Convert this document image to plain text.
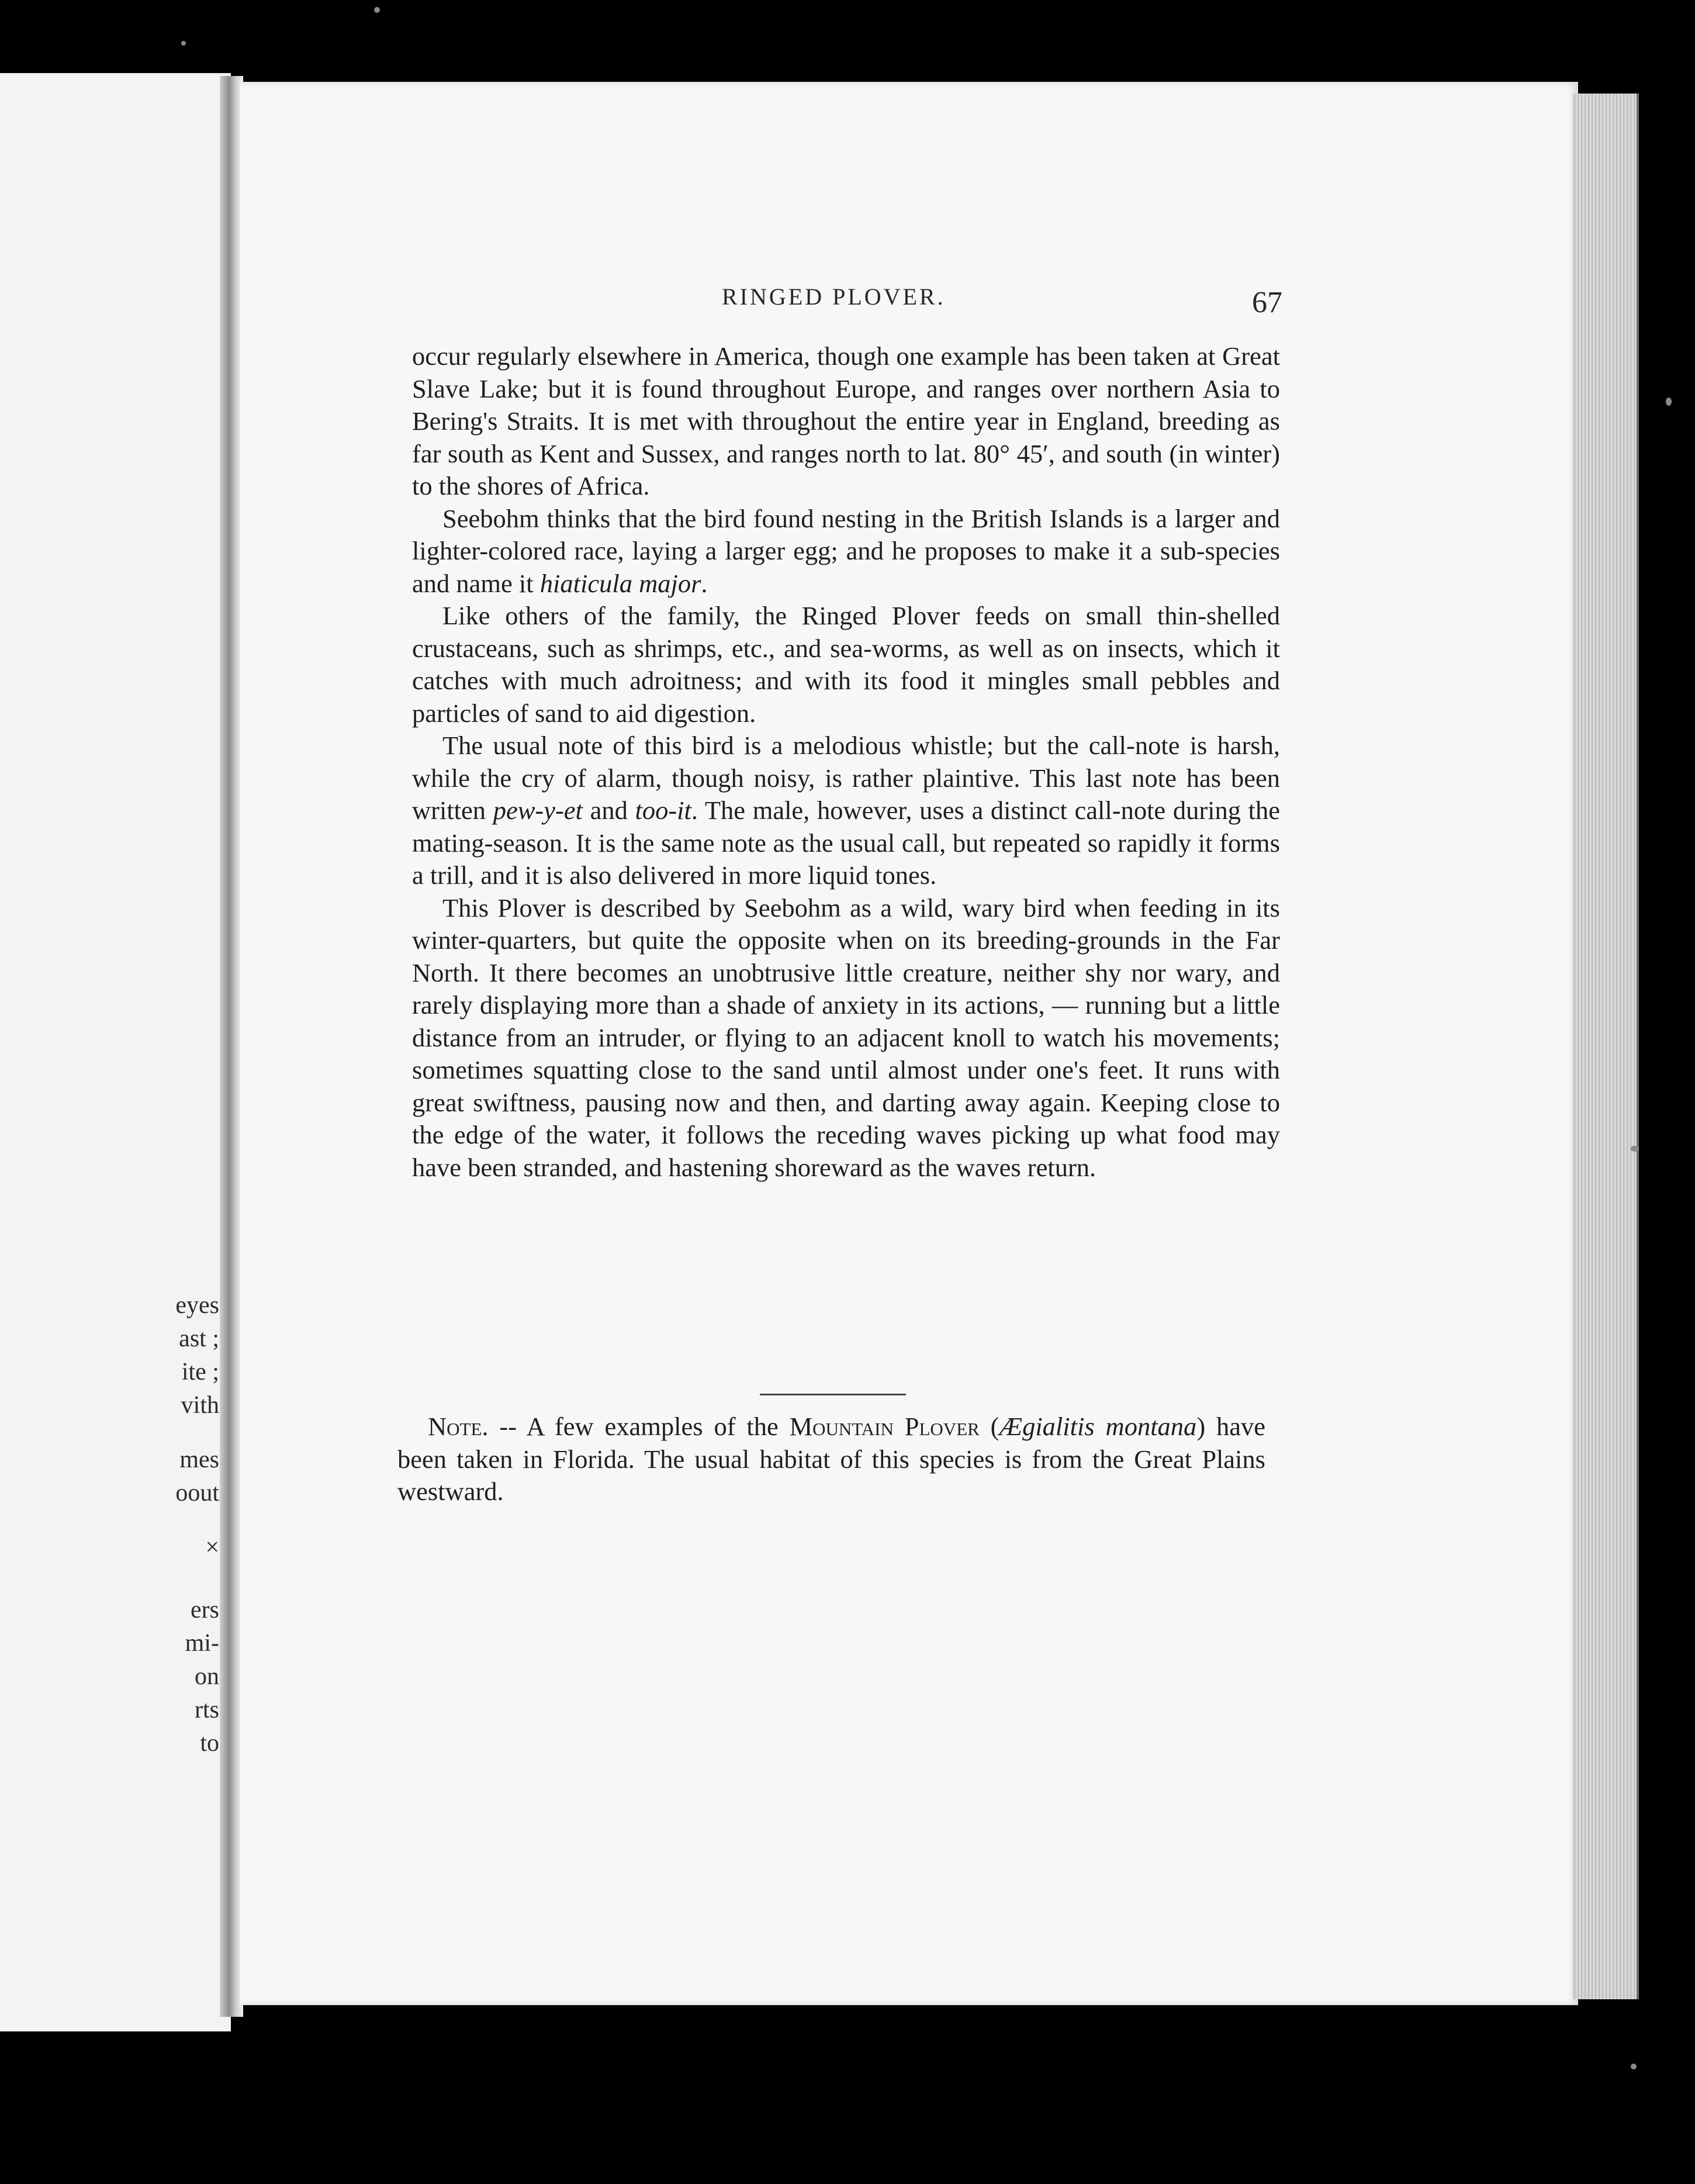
eyes
ast ;
ite ;
vith
mes
oout
×
ers
mi-
on
rts
to
RINGED PLOVER.	67

occur regularly elsewhere in America, though one example has been taken at Great Slave Lake; but it is found throughout Europe, and ranges over northern Asia to Bering's Straits. It is met with throughout the entire year in England, breeding as far south as Kent and Sussex, and ranges north to lat. 80° 45′, and south (in winter) to the shores of Africa.

Seebohm thinks that the bird found nesting in the British Islands is a larger and lighter-colored race, laying a larger egg; and he proposes to make it a sub-species and name it hiaticula major.

Like others of the family, the Ringed Plover feeds on small thin-shelled crustaceans, such as shrimps, etc., and sea-worms, as well as on insects, which it catches with much adroitness; and with its food it mingles small pebbles and particles of sand to aid digestion.

The usual note of this bird is a melodious whistle; but the call-note is harsh, while the cry of alarm, though noisy, is rather plaintive. This last note has been written pew-y-et and too-it. The male, however, uses a distinct call-note during the mating-season. It is the same note as the usual call, but repeated so rapidly it forms a trill, and it is also delivered in more liquid tones.

This Plover is described by Seebohm as a wild, wary bird when feeding in its winter-quarters, but quite the opposite when on its breeding-grounds in the Far North. It there becomes an unobtrusive little creature, neither shy nor wary, and rarely displaying more than a shade of anxiety in its actions, — running but a little distance from an intruder, or flying to an adjacent knoll to watch his movements; sometimes squatting close to the sand until almost under one's feet. It runs with great swiftness, pausing now and then, and darting away again. Keeping close to the edge of the water, it follows the receding waves picking up what food may have been stranded, and hastening shoreward as the waves return.

Note. -- A few examples of the Mountain Plover (Ægialitis montana) have been taken in Florida. The usual habitat of this species is from the Great Plains westward.
